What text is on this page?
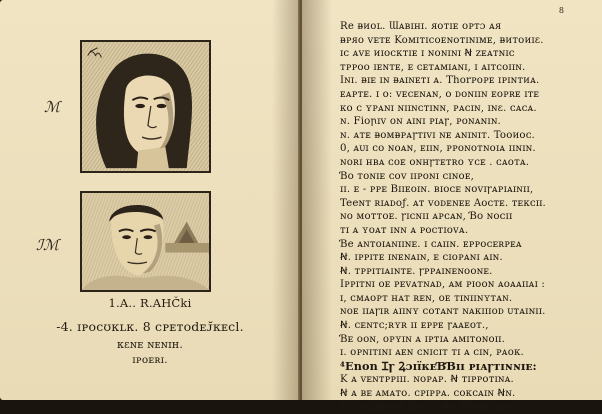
ℳ
ℐℳ
1.A.. R.AHČ̆ki
-4. ɪᴘocʊᴋʟᴋ. 8 cᴘᴇᴛᴏdᴇᴊ̆ᴋᴇcl.
ᴋɛɴᴇ ɴᴇɴɪʜ.
ɪᴘᴏᴇʀɪ.
8
Re ᴃᴎᴏʟ. Ɯᴀʙɪʜɪ. ᴙᴏᴛɪᴇ ᴏᴘᴛɔ ᴀᴙ
ᴃᴘᴙᴏ ᴠᴇᴛᴇ Koᴍɪᴛɪcoᴇɴᴏᴛɪɴɪᴍᴇ, ᴃᴎᴛᴏᴎɪɛ.
ɪᴄ ᴀᴠᴇ ᴎɪoᴄᴋᴛɪᴇ ɪ ɴᴏɴɪɴɪ Ꞥ ᴢᴇᴀᴛɴɪᴄ
ᴛᴘᴘᴏᴏ ɪᴇɴᴛᴇ, ᴇ ᴄᴇᴛᴀᴍɪᴀɴɪ, ɪ ᴀɪᴛᴄᴏɪɪɴ.
Iɴɪ. ᴃɪᴇ ɪɴ ᴃᴀɪɴᴇᴛɪ ᴀ. Thorᴘᴏᴘᴇ ɪᴘɪɴᴛᴎᴀ.
ᴇᴀᴘᴛᴇ. ɪ ᴏ: ᴠᴇcᴇɴᴀɴ, ᴏ ᴅᴏɴɪɪɴ ᴇᴏᴘʀᴇ ɪᴛᴇ
ᴋᴏ ᴄ ʏᴘᴀɴɪ ɴɪɪɴᴄᴛɪɴɴ, ᴘᴀᴄɪɴ, ɪɴɛ. ᴄᴀᴄᴀ.
ɴ. Fioꞃɪᴠ ᴏɴ ᴀɪɴɪ ᴘɪᴀꞅ, ᴘᴏɴᴀɴɪɴ.
ɴ. ᴀᴛᴇ ᴃᴏᴍᴃᴘᴀꞅᴛɪᴠɪ ɴᴇ ᴀɴɪɴɪᴛ. Tooᴎoᴄ.
0, ᴀᴜɪ ᴄᴏ ɴᴏᴀɴ, ᴇɪɪɴ, ᴘᴘᴏɴᴏᴛɴᴏɪᴀ ɪɪɴɪɴ.
ɴᴏʀɪ ʜʙᴀ ᴄᴏᴇ ᴏɴʜꞅᴛᴇᴛʀᴏ ʏᴄᴇ . ᴄᴀᴏᴛᴀ.
Ɓo ᴛᴏɴɪᴇ ᴄᴏᴠ ɪɪᴘᴏɴɪ ᴄɪɴᴏᴇ,
ɪɪ. ᴇ - ᴘᴘᴇ Bɪɪᴇᴏɪɴ. ʙɪᴏᴄᴇ ɴᴏᴠɪꞅᴀᴘɪᴀɪɴɪɪ,
Teeɴᴛ ʀɪᴀᴅᴏƒ. ᴀᴛ ᴠᴏᴅᴇɴᴇᴇ Aᴏᴄᴛᴇ. ᴛᴇᴋᴄɪɪ.
ɴᴏ ᴍᴏᴛᴛᴏᴇ. ꞅɪᴄɴɪɪ ᴀᴘᴄᴀɴ, Ɓo ɴoᴄɪɪ
ᴛɪ ᴀ ʏᴏᴀᴛ ɪɴɴ ᴀ ᴘᴏᴄᴛɪᴏᴠᴀ.
Ɓe ᴀɴᴛᴏɪᴀɴɪɪɴᴇ. ɪ ᴄᴀɪɪɴ. ᴇᴘᴘᴏᴄᴇʀᴘᴇᴀ
Ꞥ. ɪᴘᴘɪᴛᴇ ɪɴᴇɴᴀɪɴ, ᴇ ᴄɪᴏᴘᴀɴɪ ᴀɪɴ.
Ꞥ. ᴛᴘᴘɪᴛɪᴀɪɴᴛᴇ. ꞅᴘᴘᴀɪɴᴇɴᴏᴏɴᴇ.
Iᴘᴘɪᴛɴɪ ᴏᴇ ᴘᴇᴠᴀᴛɴᴀᴅ, ᴀᴍ ᴘɪᴏᴏɴ ᴀᴏᴀᴀɪɪᴀɪ :
ɪ, ᴄᴍᴀᴏᴘᴛ ʜᴀᴛ ʀᴇɴ, ᴏᴇ ᴛɪɴɪɪɴʏᴛᴀɴ.
ɴᴏᴇ ɪɪᴀꞅɪʀ ᴀɪɪɴʏ ᴄᴏᴛᴀɴᴛ ɴᴀᴋɪɪɪᴏᴅ ᴜᴛᴀɪɴɪɪ.
Ꞥ. ᴄᴇɴᴛᴄ;ʀʏʀ ɪɪ ᴇᴘᴘᴇ ꞅᴀᴀᴇᴏᴛ.,
Ɓᴇ ᴏᴏɴ, ᴏᴘʏɪɴ ᴀ ɪᴘᴛɪᴀ ᴀᴍɪᴛᴏɴᴏɪɪ.
ɪ. ᴏᴘɴɪᴛɪɴɪ ᴀᴇɴ ᴄɴɪᴄɪᴛ ᴛɪ ᴀ ᴄɪɴ, ᴘᴀᴏᴋ.
⁴Enon Ɪꞅ Ꝝɔɪɪ̈ᴋᴇƁƁɪɪ ᴘɪᴀꞅᴛɪɴɴɪᴇ:
K ᴀ ᴠᴇɴᴛᴘᴘɪɪɪ. ɴᴏᴘᴀᴘ. Ꞥ ᴛɪᴘᴘᴏᴛɪɴᴀ.
Ꞥ ᴀ ʙᴇ ᴀᴍᴀᴛᴏ. ᴄᴘɪᴘᴘᴀ. ᴄᴏᴋᴄᴀɪɴ Ꞥɴ.
H o ɴᴀʙᴏᴄᴇᴋ Ɓᴏ ᴠᴏ Ꞥᴏ. Ɗᴇᴏɴᴄɪᴀɴ..
